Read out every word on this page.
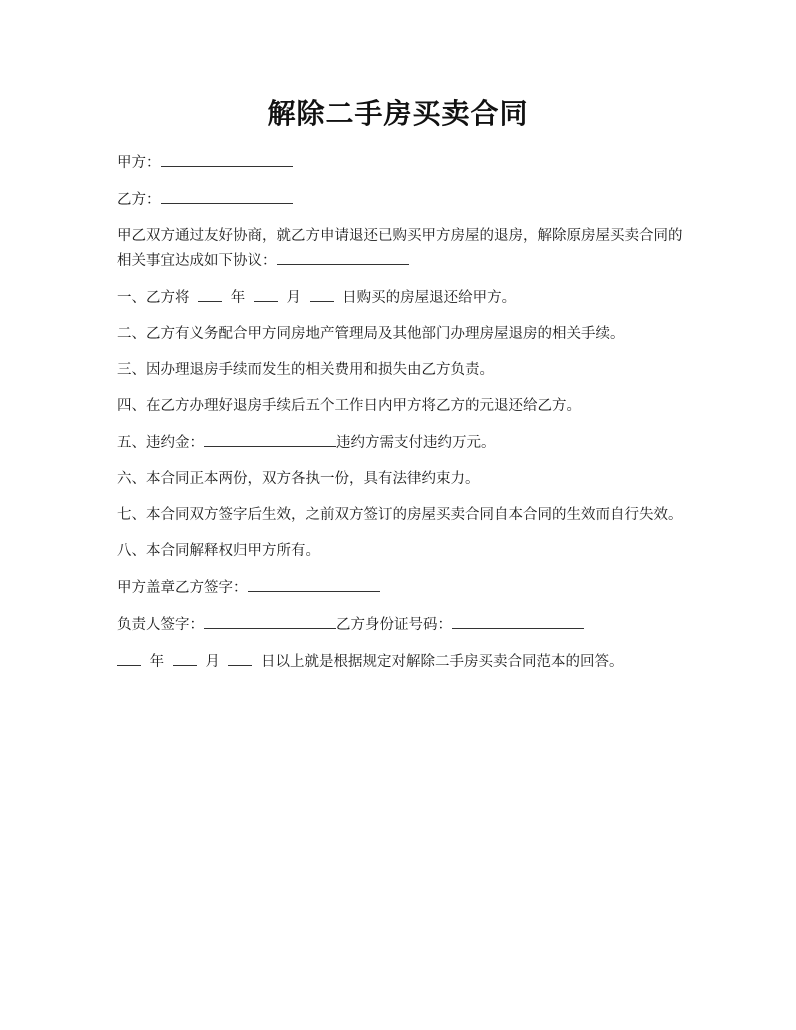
解除二手房买卖合同

甲方：

乙方：

甲乙双方通过友好协商，就乙方申请退还已购买甲方房屋的退房，解除原房屋买卖合同的相关事宜达成如下协议：

一、乙方将	年	月	日购买的房屋退还给甲方。

二、乙方有义务配合甲方同房地产管理局及其他部门办理房屋退房的相关手续。

三、因办理退房手续而发生的相关费用和损失由乙方负责。

四、在乙方办理好退房手续后五个工作日内甲方将乙方的元退还给乙方。

五、违约金：	违约方需支付违约万元。

六、本合同正本两份，双方各执一份，具有法律约束力。

七、本合同双方签字后生效，之前双方签订的房屋买卖合同自本合同的生效而自行失效。

八、本合同解释权归甲方所有。

甲方盖章乙方签字：

负责人签字：	乙方身份证号码：

年	月	日以上就是根据规定对解除二手房买卖合同范本的回答。
